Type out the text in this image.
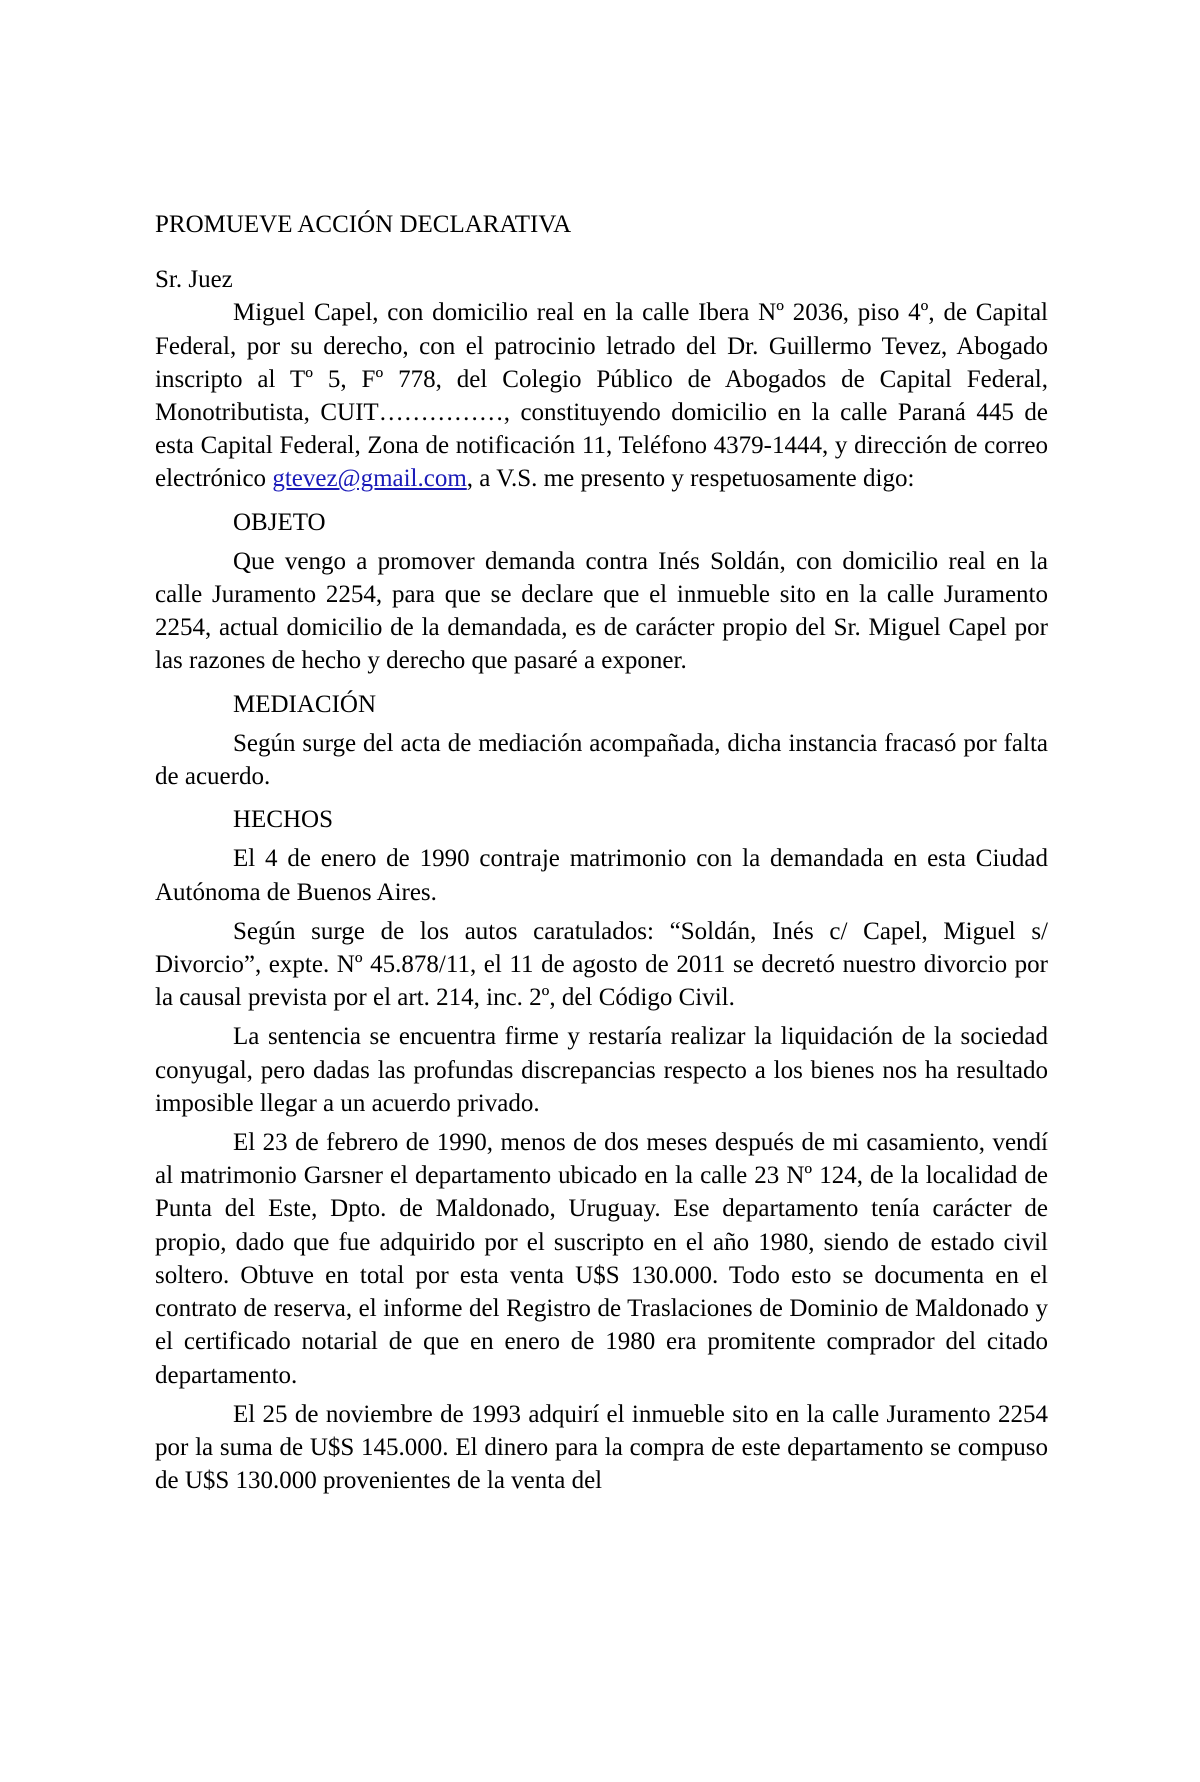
PROMUEVE ACCIÓN DECLARATIVA

Sr. Juez

Miguel Capel, con domicilio real en la calle Ibera Nº 2036, piso 4º, de Capital Federal, por su derecho, con el patrocinio letrado del Dr. Guillermo Tevez, Abogado inscripto al Tº 5, Fº 778, del Colegio Público de Abogados de Capital Federal, Monotributista, CUIT……………, constituyendo domicilio en la calle Paraná 445 de esta Capital Federal, Zona de notificación 11, Teléfono 4379-1444, y dirección de correo electrónico gtevez@gmail.com, a V.S. me presento y respetuosamente digo:

OBJETO

Que vengo a promover demanda contra Inés Soldán, con domicilio real en la calle Juramento 2254, para que se declare que el inmueble sito en la calle Juramento 2254, actual domicilio de la demandada, es de carácter propio del Sr. Miguel Capel por las razones de hecho y derecho que pasaré a exponer.

MEDIACIÓN

Según surge del acta de mediación acompañada, dicha instancia fracasó por falta de acuerdo.

HECHOS

El 4 de enero de 1990 contraje matrimonio con la demandada en esta Ciudad Autónoma de Buenos Aires.

Según surge de los autos caratulados: “Soldán, Inés c/ Capel, Miguel s/ Divorcio”, expte. Nº 45.878/11, el 11 de agosto de 2011 se decretó nuestro divorcio por la causal prevista por el art. 214, inc. 2º, del Código Civil.

La sentencia se encuentra firme y restaría realizar la liquidación de la sociedad conyugal, pero dadas las profundas discrepancias respecto a los bienes nos ha resultado imposible llegar a un acuerdo privado.

El 23 de febrero de 1990, menos de dos meses después de mi casamiento, vendí al matrimonio Garsner el departamento ubicado en la calle 23 Nº 124, de la localidad de Punta del Este, Dpto. de Maldonado, Uruguay. Ese departamento tenía carácter de propio, dado que fue adquirido por el suscripto en el año 1980, siendo de estado civil soltero. Obtuve en total por esta venta U$S 130.000. Todo esto se documenta en el contrato de reserva, el informe del Registro de Traslaciones de Dominio de Maldonado y el certificado notarial de que en enero de 1980 era promitente comprador del citado departamento.

El 25 de noviembre de 1993 adquirí el inmueble sito en la calle Juramento 2254 por la suma de U$S 145.000. El dinero para la compra de este departamento se compuso de U$S 130.000 provenientes de la venta del
